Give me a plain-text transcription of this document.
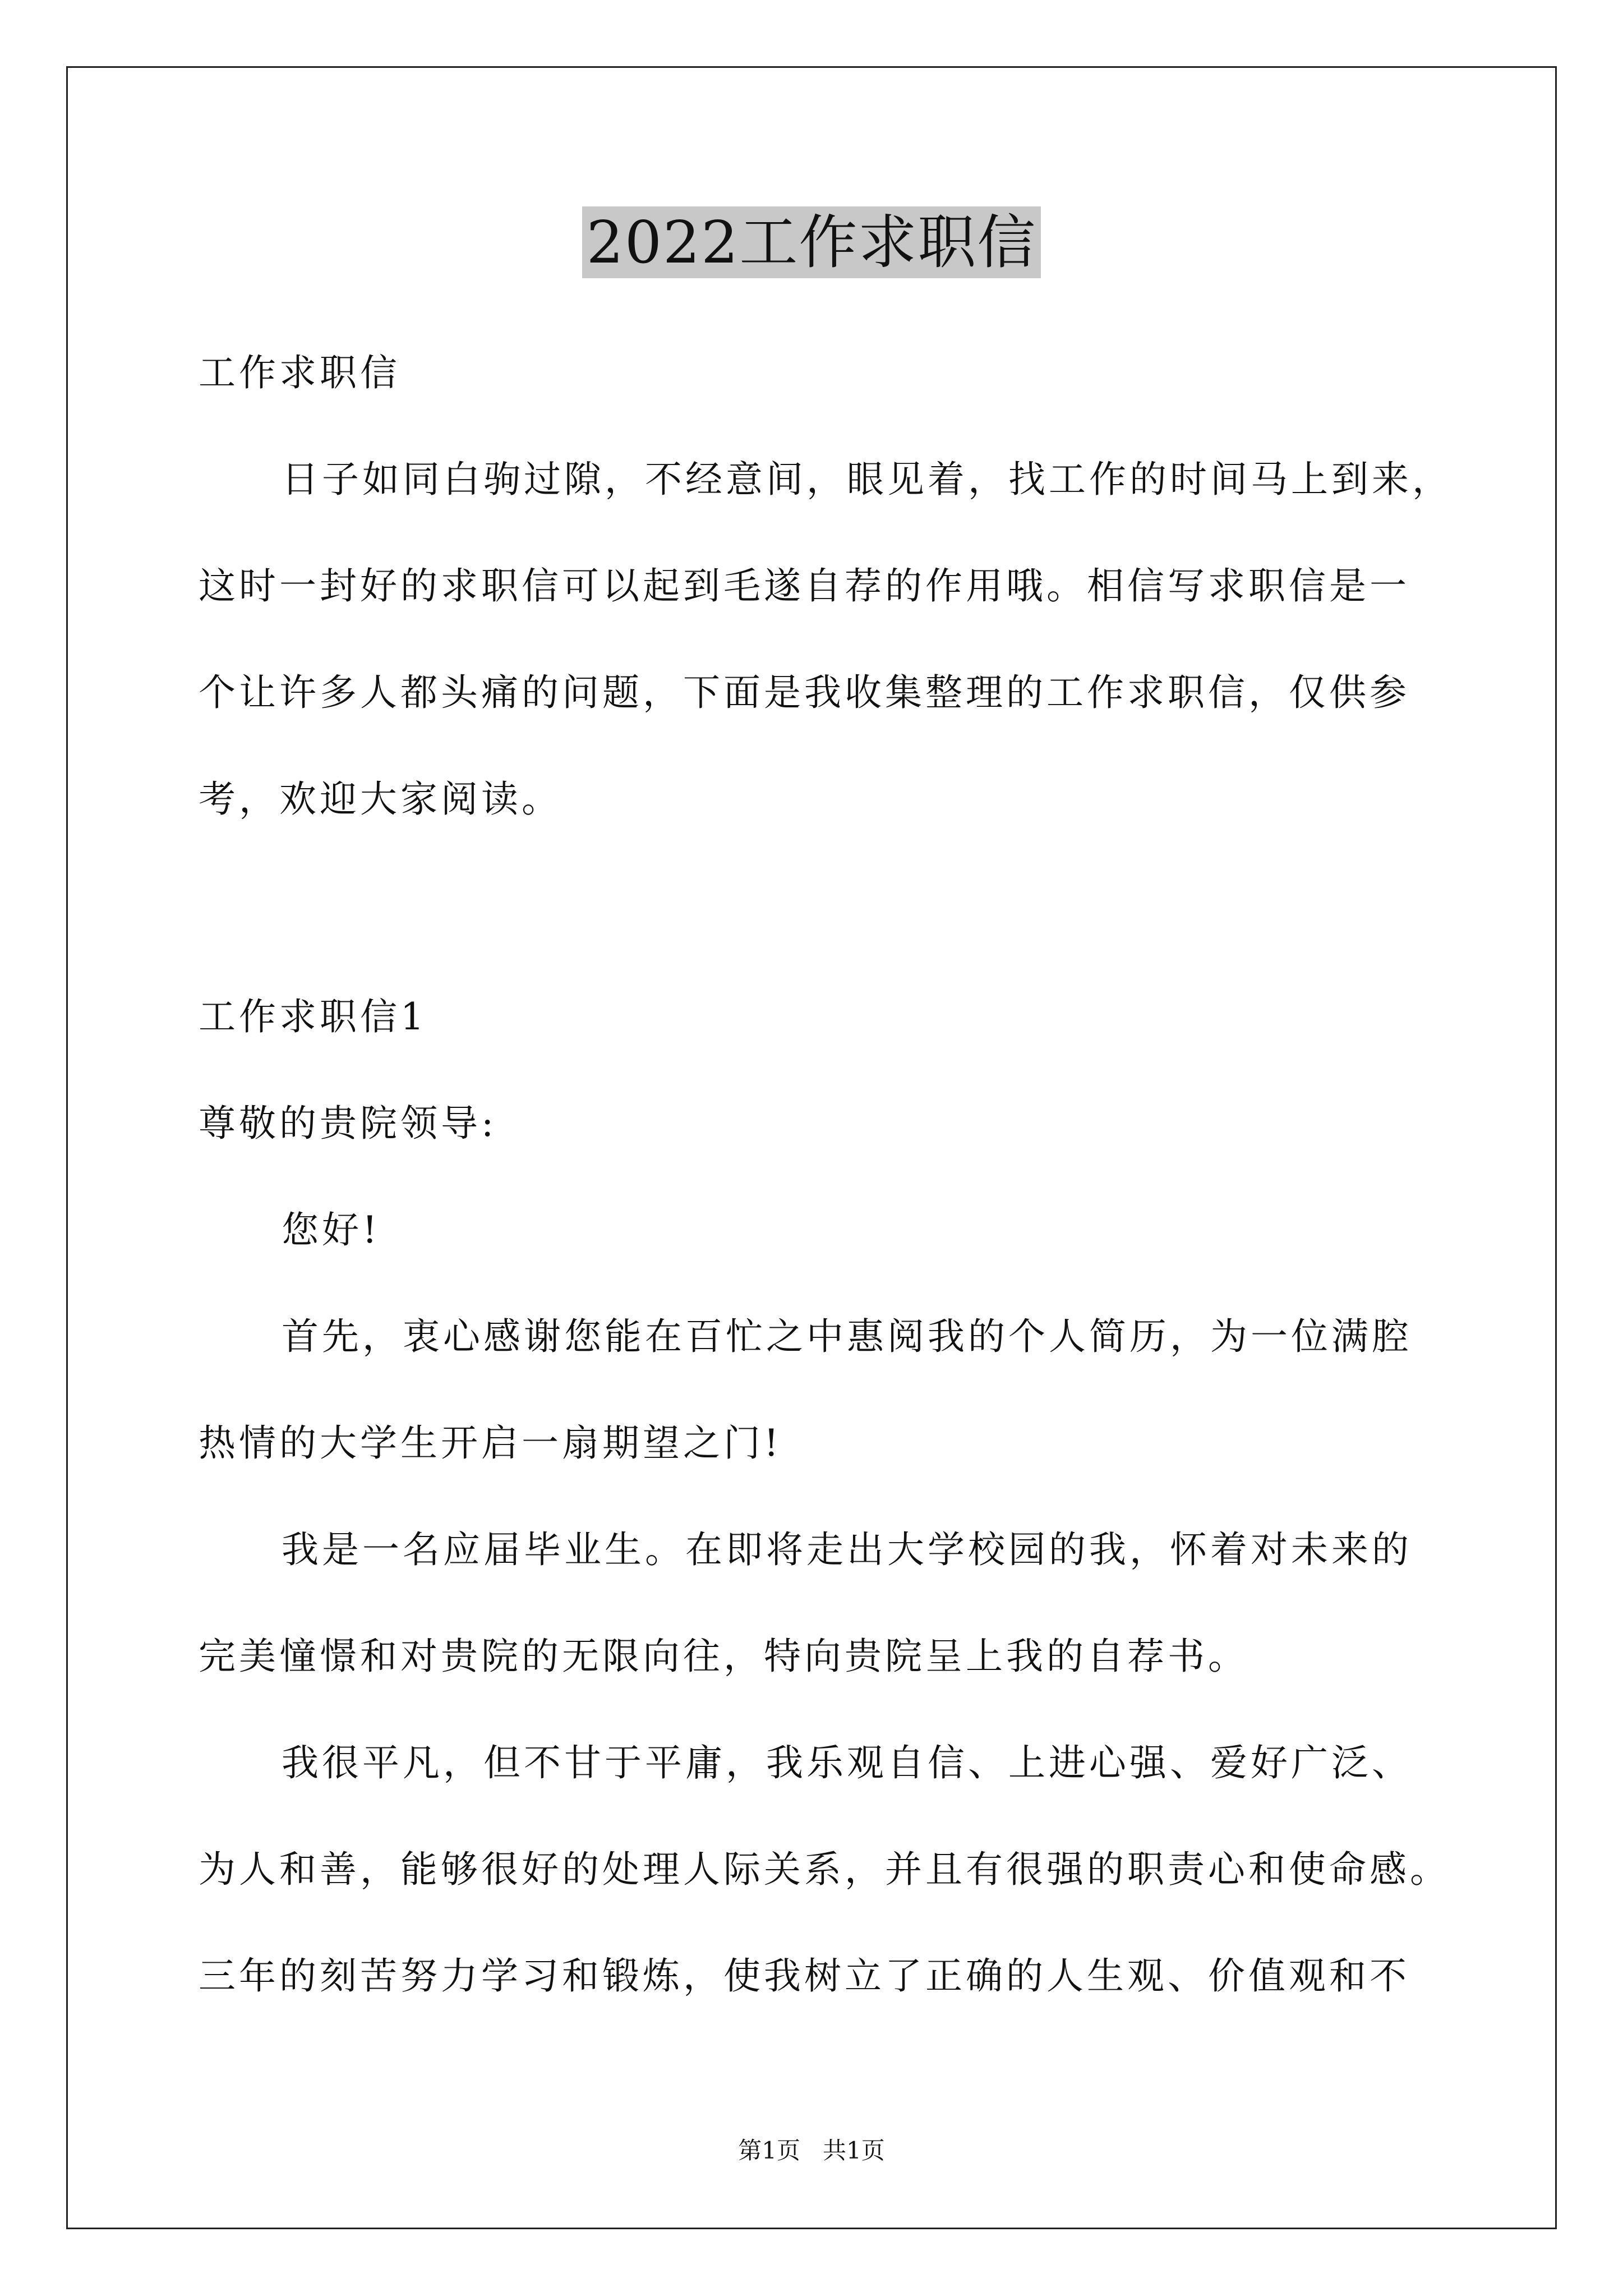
2022工作求职信
工作求职信
日子如同白驹过隙，不经意间，眼见着，找工作的时间马上到来，
这时一封好的求职信可以起到毛遂自荐的作用哦。相信写求职信是一
个让许多人都头痛的问题，下面是我收集整理的工作求职信，仅供参
考，欢迎大家阅读。
工作求职信1
尊敬的贵院领导:
您好!
首先，衷心感谢您能在百忙之中惠阅我的个人简历，为一位满腔
热情的大学生开启一扇期望之门!
我是一名应届毕业生。在即将走出大学校园的我，怀着对未来的
完美憧憬和对贵院的无限向往，特向贵院呈上我的自荐书。
我很平凡，但不甘于平庸，我乐观自信、上进心强、爱好广泛、
为人和善，能够很好的处理人际关系，并且有很强的职责心和使命感。
三年的刻苦努力学习和锻炼，使我树立了正确的人生观、价值观和不
第1页 共1页
